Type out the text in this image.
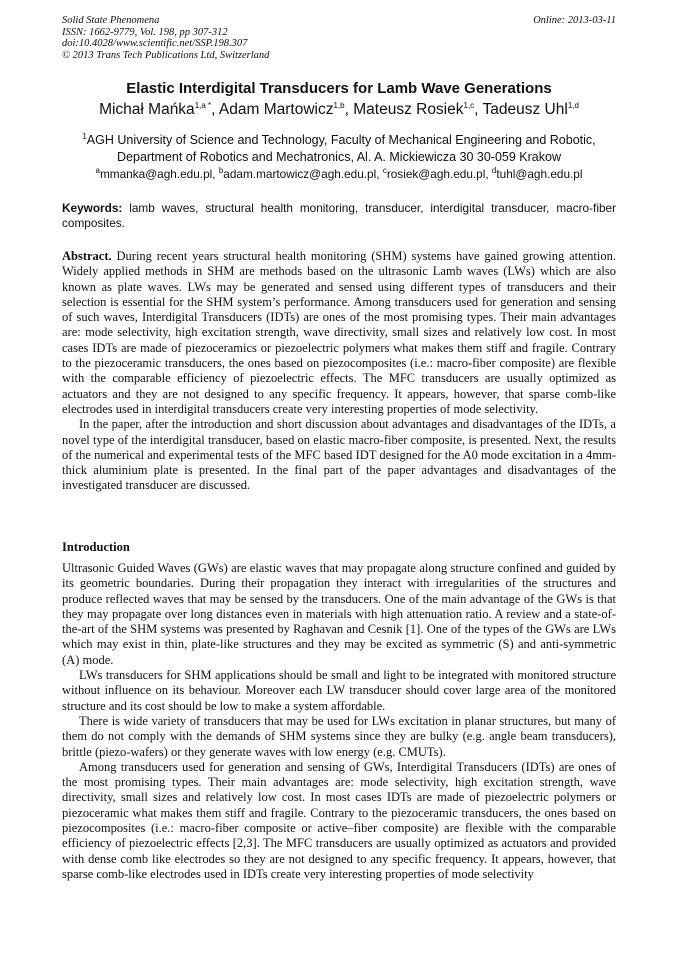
Solid State Phenomena
ISSN: 1662-9779, Vol. 198, pp 307-312
doi:10.4028/www.scientific.net/SSP.198.307
© 2013 Trans Tech Publications Ltd, Switzerland
Online: 2013-03-11
Elastic Interdigital Transducers for Lamb Wave Generations
Michał Mańka$^{1,a *}$, Adam Martowicz$^{1,b}$, Mateusz Rosiek$^{1,c}$, Tadeusz Uhl$^{1,d}$
$^1$AGH University of Science and Technology, Faculty of Mechanical Engineering and Robotic,
Department of Robotics and Mechatronics, Al. A. Mickiewicza 30 30-059 Krakow
$^a$mmanka@agh.edu.pl, $^b$adam.martowicz@agh.edu.pl, $^c$rosiek@agh.edu.pl, $^d$tuhl@agh.edu.pl
Keywords: lamb waves, structural health monitoring, transducer, interdigital transducer, macro-fiber composites.

Abstract. During recent years structural health monitoring (SHM) systems have gained growing attention. Widely applied methods in SHM are methods based on the ultrasonic Lamb waves (LWs) which are also known as plate waves. LWs may be generated and sensed using different types of transducers and their selection is essential for the SHM system’s performance. Among transducers used for generation and sensing of such waves, Interdigital Transducers (IDTs) are ones of the most promising types. Their main advantages are: mode selectivity, high excitation strength, wave directivity, small sizes and relatively low cost. In most cases IDTs are made of piezoceramics or piezoelectric polymers what makes them stiff and fragile. Contrary to the piezoceramic transducers, the ones based on piezocomposites (i.e.: macro-fiber composite) are flexible with the comparable efficiency of piezoelectric effects. The MFC transducers are usually optimized as actuators and they are not designed to any specific frequency. It appears, however, that sparse comb-like electrodes used in interdigital transducers create very interesting properties of mode selectivity.

In the paper, after the introduction and short discussion about advantages and disadvantages of the IDTs, a novel type of the interdigital transducer, based on elastic macro-fiber composite, is presented. Next, the results of the numerical and experimental tests of the MFC based IDT designed for the A0 mode excitation in a 4mm-thick aluminium plate is presented. In the final part of the paper advantages and disadvantages of the investigated transducer are discussed.

Introduction

Ultrasonic Guided Waves (GWs) are elastic waves that may propagate along structure confined and guided by its geometric boundaries. During their propagation they interact with irregularities of the structures and produce reflected waves that may be sensed by the transducers. One of the main advantage of the GWs is that they may propagate over long distances even in materials with high attenuation ratio. A review and a state-of-the-art of the SHM systems was presented by Raghavan and Cesnik [1]. One of the types of the GWs are LWs which may exist in thin, plate-like structures and they may be excited as symmetric (S) and anti-symmetric (A) mode.

LWs transducers for SHM applications should be small and light to be integrated with monitored structure without influence on its behaviour. Moreover each LW transducer should cover large area of the monitored structure and its cost should be low to make a system affordable.

There is wide variety of transducers that may be used for LWs excitation in planar structures, but many of them do not comply with the demands of SHM systems since they are bulky (e.g. angle beam transducers), brittle (piezo-wafers) or they generate waves with low energy (e.g. CMUTs).

Among transducers used for generation and sensing of GWs, Interdigital Transducers (IDTs) are ones of the most promising types. Their main advantages are: mode selectivity, high excitation strength, wave directivity, small sizes and relatively low cost. In most cases IDTs are made of piezoelectric polymers or piezoceramic what makes them stiff and fragile. Contrary to the piezoceramic transducers, the ones based on piezocomposites (i.e.: macro-fiber composite or active–fiber composite) are flexible with the comparable efficiency of piezoelectric effects [2,3]. The MFC transducers are usually optimized as actuators and provided with dense comb like electrodes so they are not designed to any specific frequency. It appears, however, that sparse comb-like electrodes used in IDTs create very interesting properties of mode selectivity
